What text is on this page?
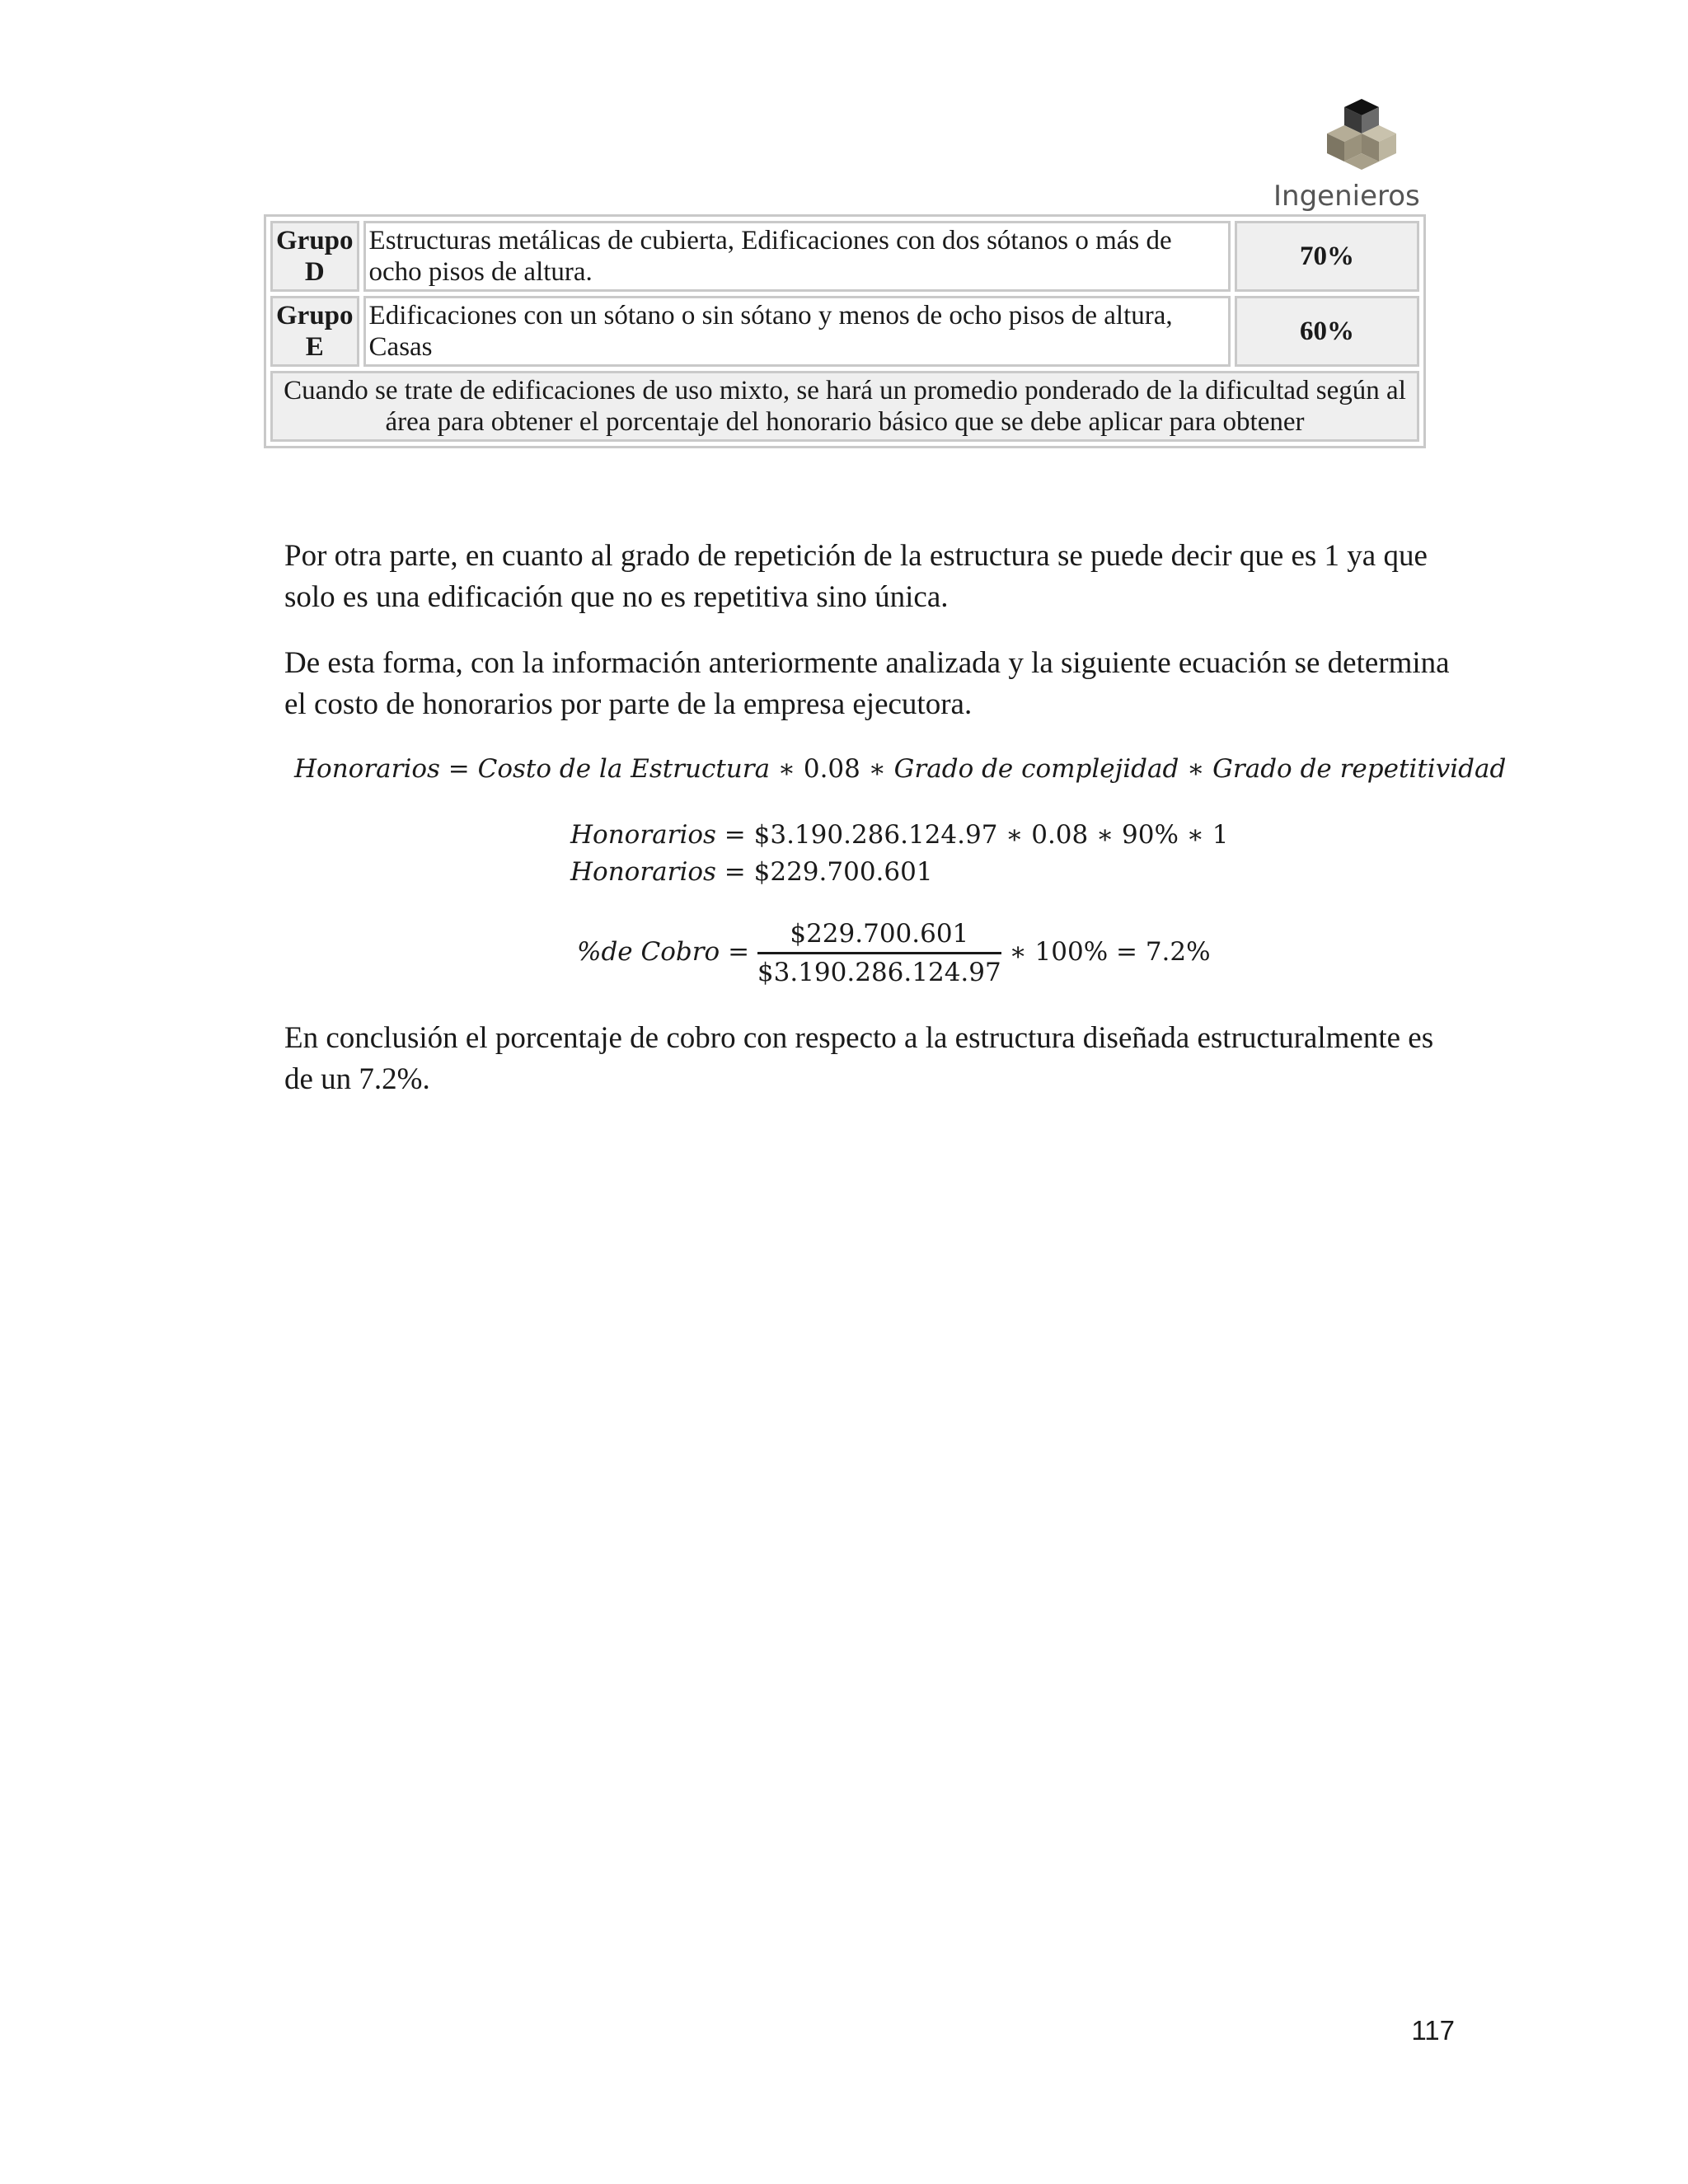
Ingenieros
Grupo D	Estructuras metálicas de cubierta, Edificaciones con dos sótanos o más de ocho pisos de altura.	70%
Grupo E	Edificaciones con un sótano o sin sótano y menos de ocho pisos de altura, Casas	60%
Cuando se trate de edificaciones de uso mixto, se hará un promedio ponderado de la dificultad según al área para obtener el porcentaje del honorario básico que se debe aplicar para obtener		

Por otra parte, en cuanto al grado de repetición de la estructura se puede decir que es 1 ya que solo es una edificación que no es repetitiva sino única.

De esta forma, con la información anteriormente analizada y la siguiente ecuación se determina el costo de honorarios por parte de la empresa ejecutora.

Honorarios = Costo de la Estructura ∗ 0.08 ∗ Grado de complejidad ∗ Grado de repetitividad
Honorarios = $3.190.286.124.97 ∗ 0.08 ∗ 90% ∗ 1
Honorarios = $229.700.601
%de Cobro = $\frac{\$229.700.601}{\$3.190.286.124.97}$ ∗ 100% = 7.2%

En conclusión el porcentaje de cobro con respecto a la estructura diseñada estructuralmente es de un 7.2%.

117
